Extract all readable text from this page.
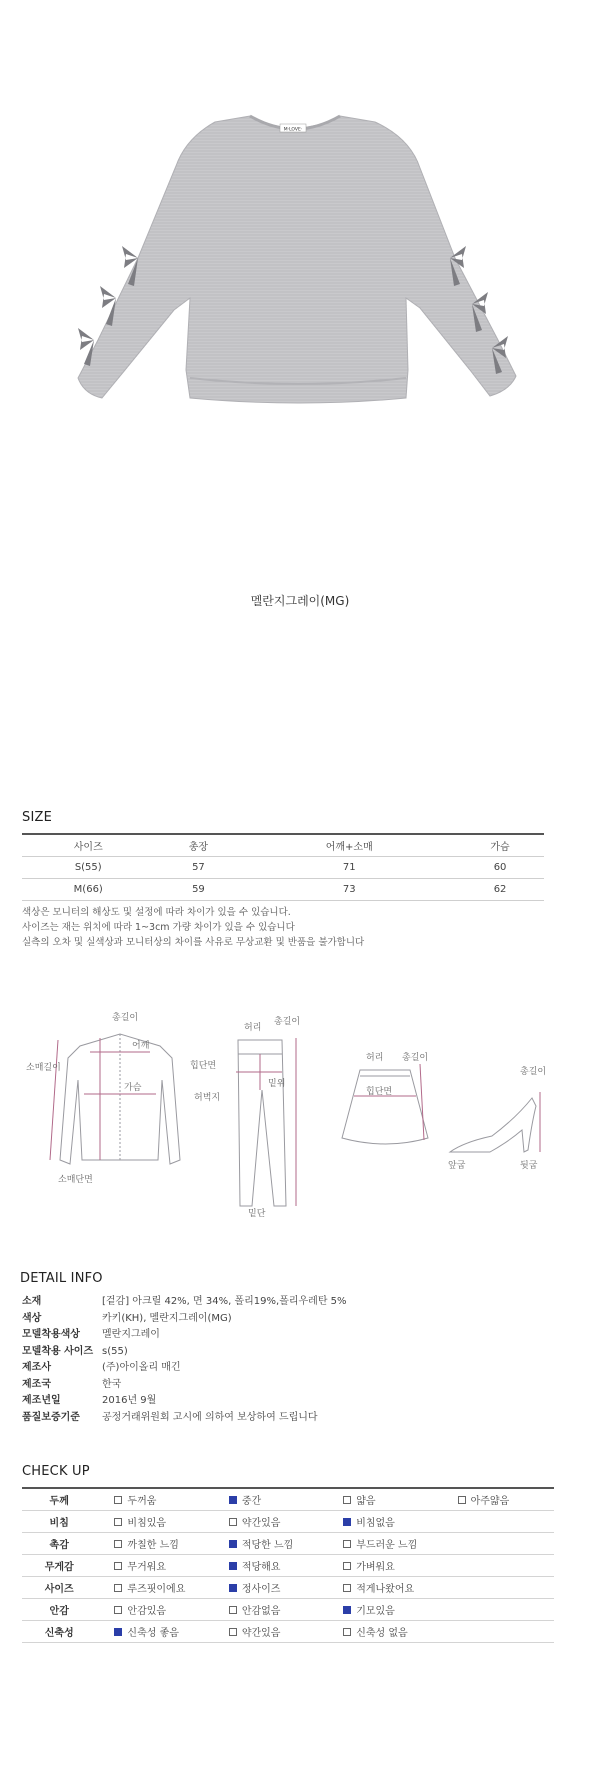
M·LOVE·
멜란지그레이(MG)
SIZE
사이즈	총장	어깨+소매	가슴
S(55)	57	71	60
M(66)	59	73	62
색상은 모니터의 해상도 및 설정에 따라 차이가 있을 수 있습니다.
사이즈는 재는 위치에 따라 1~3cm 가량 차이가 있을 수 있습니다
실측의 오차 및 실색상과 모니터상의 차이를 사유로 무상교환 및 반품을 불가합니다
총길이
소매길이
어깨
가슴
소매단면
허리
총길이
힙단면
밑위
허벅지
밑단
허리 총길이
힙단면
총길이
앞굽	뒷굽
DETAIL INFO
소재	[겉감] 아크릴 42%, 면 34%, 폴리19%,폴리우레탄 5%
색상	카키(KH), 멜란지그레이(MG)
모델착용색상	멜란지그레이
모델착용 사이즈 s(55)
제조사	(주)아이올리 매긴
제조국	한국
제조년일	2016년 9월
품질보증기준	공정거래위원회 고시에 의하여 보상하여 드립니다
CHECK UP
두께	두꺼움	중간	얇음	아주얇음
비침	비침있음	약간있음	비침없음	
촉감	까칠한 느낌	적당한 느낌	부드러운 느낌	
무게감	무거워요	적당해요	가벼워요	
사이즈	루즈핏이에요	정사이즈	적게나왔어요	
안감	안감있음	안감없음	기모있음	
신축성	신축성 좋음	약간있음	신축성 없음	
